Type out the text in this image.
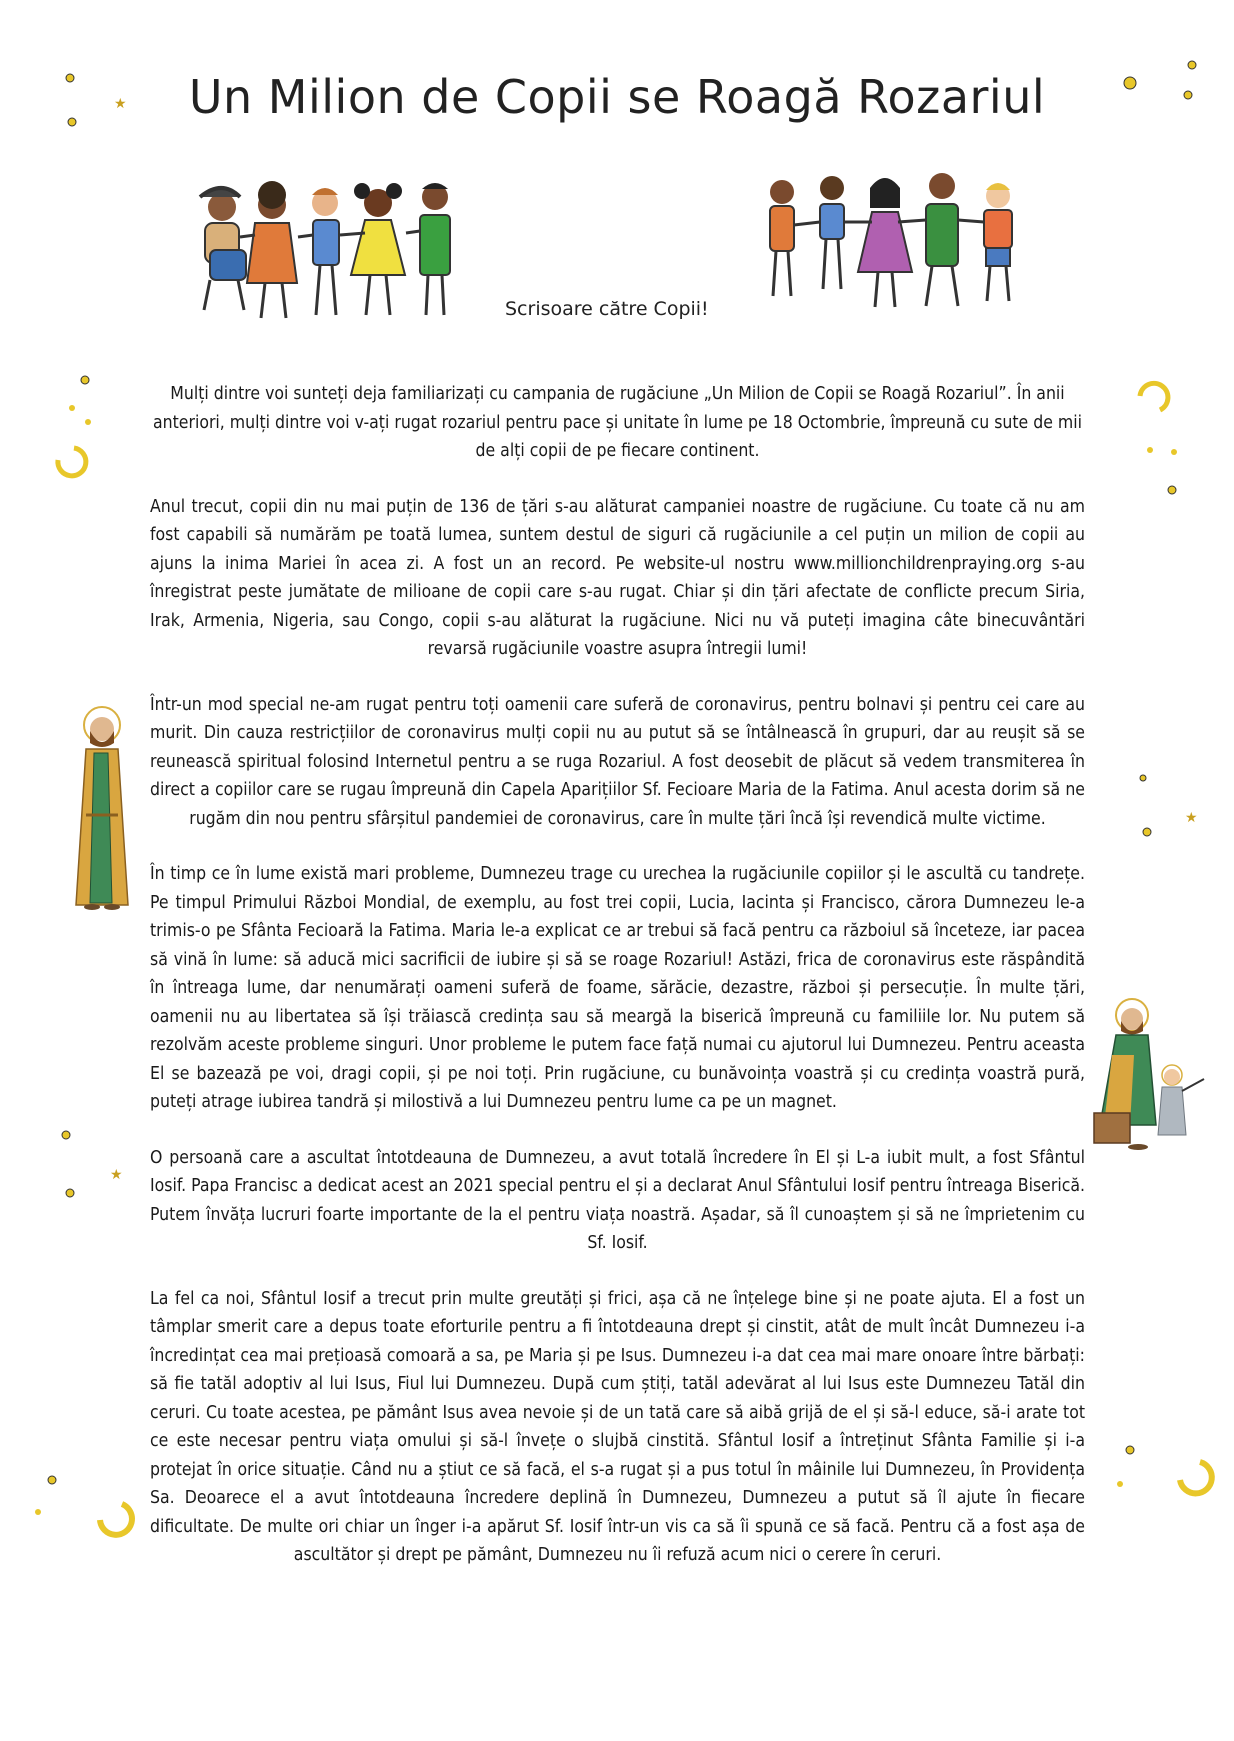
Un Milion de Copii se Roagă Rozariul
Scrisoare către Copii!
★
★
★

Mulți dintre voi sunteți deja familiarizați cu campania de rugăciune „Un Milion de Copii se Roagă Rozariul”. În anii anteriori, mulți dintre voi v-ați rugat rozariul pentru pace și unitate în lume pe 18 Octombrie, împreună cu sute de mii de alți copii de pe fiecare continent.

Anul trecut, copii din nu mai puțin de 136 de țări s-au alăturat campaniei noastre de rugăciune. Cu toate că nu am fost capabili să numărăm pe toată lumea, suntem destul de siguri că rugăciunile a cel puțin un milion de copii au ajuns la inima Mariei în acea zi. A fost un an record. Pe website-ul nostru www.millionchildrenpraying.org s-au înregistrat peste jumătate de milioane de copii care s-au rugat. Chiar și din țări afectate de conflicte precum Siria, Irak, Armenia, Nigeria, sau Congo, copii s-au alăturat la rugăciune. Nici nu vă puteți imagina câte binecuvântări revarsă rugăciunile voastre asupra întregii lumi!

Într-un mod special ne-am rugat pentru toți oamenii care suferă de coronavirus, pentru bolnavi și pentru cei care au murit. Din cauza restricțiilor de coronavirus mulți copii nu au putut să se întâlnească în grupuri, dar au reușit să se reunească spiritual folosind Internetul pentru a se ruga Rozariul. A fost deosebit de plăcut să vedem transmiterea în direct a copiilor care se rugau împreună din Capela Aparițiilor Sf. Fecioare Maria de la Fatima. Anul acesta dorim să ne rugăm din nou pentru sfârșitul pandemiei de coronavirus, care în multe țări încă își revendică multe victime.

În timp ce în lume există mari probleme, Dumnezeu trage cu urechea la rugăciunile copiilor și le ascultă cu tandrețe. Pe timpul Primului Război Mondial, de exemplu, au fost trei copii, Lucia, Iacinta și Francisco, cărora Dumnezeu le-a trimis-o pe Sfânta Fecioară la Fatima. Maria le-a explicat ce ar trebui să facă pentru ca războiul să înceteze, iar pacea să vină în lume: să aducă mici sacrificii de iubire și să se roage Rozariul! Astăzi, frica de coronavirus este răspândită în întreaga lume, dar nenumărați oameni suferă de foame, sărăcie, dezastre, război și persecuție. În multe țări, oamenii nu au libertatea să își trăiască credința sau să meargă la biserică împreună cu familiile lor. Nu putem să rezolvăm aceste probleme singuri. Unor probleme le putem face față numai cu ajutorul lui Dumnezeu. Pentru aceasta El se bazează pe voi, dragi copii, și pe noi toți. Prin rugăciune, cu bunăvoința voastră și cu credința voastră pură, puteți atrage iubirea tandră și milostivă a lui Dumnezeu pentru lume ca pe un magnet.

O persoană care a ascultat întotdeauna de Dumnezeu, a avut totală încredere în El și L-a iubit mult, a fost Sfântul Iosif. Papa Francisc a dedicat acest an 2021 special pentru el și a declarat Anul Sfântului Iosif pentru întreaga Biserică. Putem învăța lucruri foarte importante de la el pentru viața noastră. Așadar, să îl cunoaștem și să ne împrietenim cu Sf. Iosif.

La fel ca noi, Sfântul Iosif a trecut prin multe greutăți și frici, așa că ne înțelege bine și ne poate ajuta. El a fost un tâmplar smerit care a depus toate eforturile pentru a fi întotdeauna drept și cinstit, atât de mult încât Dumnezeu i-a încredințat cea mai prețioasă comoară a sa, pe Maria și pe Isus. Dumnezeu i-a dat cea mai mare onoare între bărbați: să fie tatăl adoptiv al lui Isus, Fiul lui Dumnezeu. După cum știți, tatăl adevărat al lui Isus este Dumnezeu Tatăl din ceruri. Cu toate acestea, pe pământ Isus avea nevoie și de un tată care să aibă grijă de el și să-l educe, să-i arate tot ce este necesar pentru viața omului și să-l învețe o slujbă cinstită. Sfântul Iosif a întreținut Sfânta Familie și i-a protejat în orice situație. Când nu a știut ce să facă, el s-a rugat și a pus totul în mâinile lui Dumnezeu, în Providența Sa. Deoarece el a avut întotdeauna încredere deplină în Dumnezeu, Dumnezeu a putut să îl ajute în fiecare dificultate. De multe ori chiar un înger i-a apărut Sf. Iosif într-un vis ca să îi spună ce să facă. Pentru că a fost așa de ascultător și drept pe pământ, Dumnezeu nu îi refuză acum nici o cerere în ceruri.
